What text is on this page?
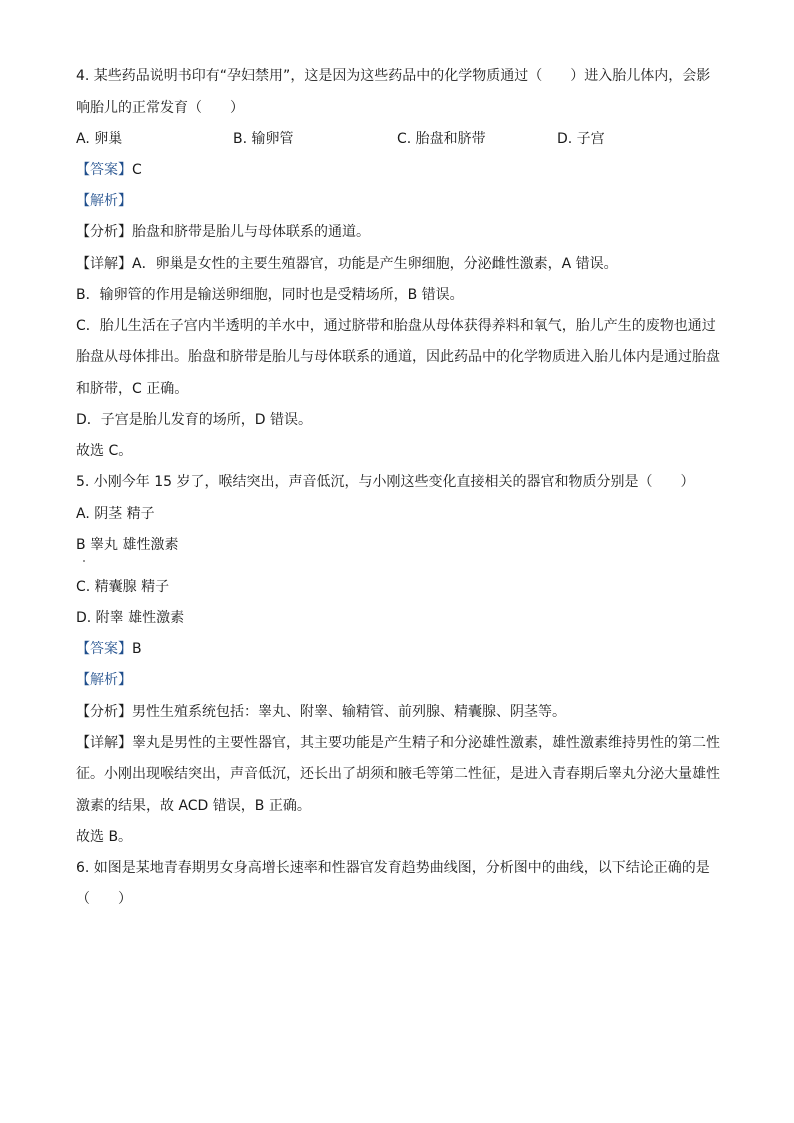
4. 某些药品说明书印有“孕妇禁用”，这是因为这些药品中的化学物质通过（　　）进入胎儿体内，会影
响胎儿的正常发育（　　）
A. 卵巢	B. 输卵管	C. 胎盘和脐带	D. 子宫
【答案】C
【解析】
【分析】胎盘和脐带是胎儿与母体联系的通道。
【详解】A．卵巢是女性的主要生殖器官，功能是产生卵细胞，分泌雌性激素，A 错误。
B．输卵管的作用是输送卵细胞，同时也是受精场所，B 错误。
C．胎儿生活在子宫内半透明的羊水中，通过脐带和胎盘从母体获得养料和氧气，胎儿产生的废物也通过
胎盘从母体排出。胎盘和脐带是胎儿与母体联系的通道，因此药品中的化学物质进入胎儿体内是通过胎盘
和脐带，C 正确。
D．子宫是胎儿发育的场所，D 错误。
故选 C。
5. 小刚今年 15 岁了，喉结突出，声音低沉，与小刚这些变化直接相关的器官和物质分别是（　　）
A. 阴茎 精子
B 睾丸 雄性激素
C. 精囊腺 精子
D. 附睾 雄性激素
【答案】B
【解析】
【分析】男性生殖系统包括：睾丸、附睾、输精管、前列腺、精囊腺、阴茎等。
【详解】睾丸是男性的主要性器官，其主要功能是产生精子和分泌雄性激素，雄性激素维持男性的第二性
征。小刚出现喉结突出，声音低沉，还长出了胡须和腋毛等第二性征，是进入青春期后睾丸分泌大量雄性
激素的结果，故 ACD 错误，B 正确。
故选 B。
6. 如图是某地青春期男女身高增长速率和性器官发育趋势曲线图，分析图中的曲线，以下结论正确的是
（　　）
